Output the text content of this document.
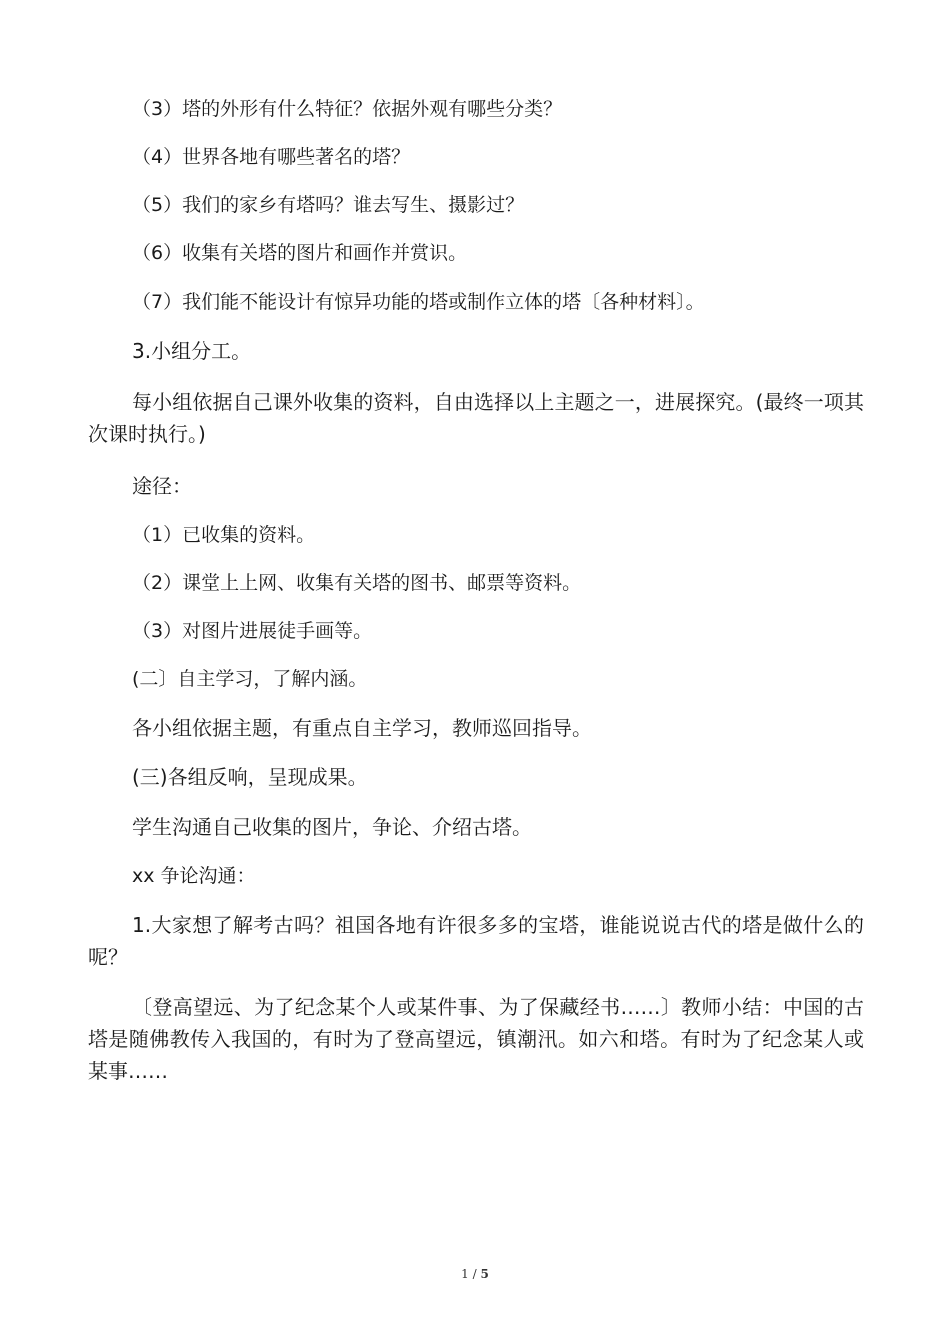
（3）塔的外形有什么特征？依据外观有哪些分类？
（4）世界各地有哪些著名的塔？
（5）我们的家乡有塔吗？谁去写生、摄影过？
（6）收集有关塔的图片和画作并赏识。
（7）我们能不能设计有惊异功能的塔或制作立体的塔〔各种材料〕。
3.小组分工。
每小组依据自己课外收集的资料，自由选择以上主题之一，进展探究。(最终一项其次课时执行。)
途径：
（1）已收集的资料。
（2）课堂上上网、收集有关塔的图书、邮票等资料。
（3）对图片进展徒手画等。
(二〕自主学习，了解内涵。
各小组依据主题，有重点自主学习，教师巡回指导。
(三)各组反响，呈现成果。
学生沟通自己收集的图片，争论、介绍古塔。
xx 争论沟通：
1.大家想了解考古吗？祖国各地有许很多多的宝塔，谁能说说古代的塔是做什么的呢？
〔登高望远、为了纪念某个人或某件事、为了保藏经书……〕教师小结：中国的古塔是随佛教传入我国的，有时为了登高望远，镇潮汛。如六和塔。有时为了纪念某人或某事……
1 / 5
